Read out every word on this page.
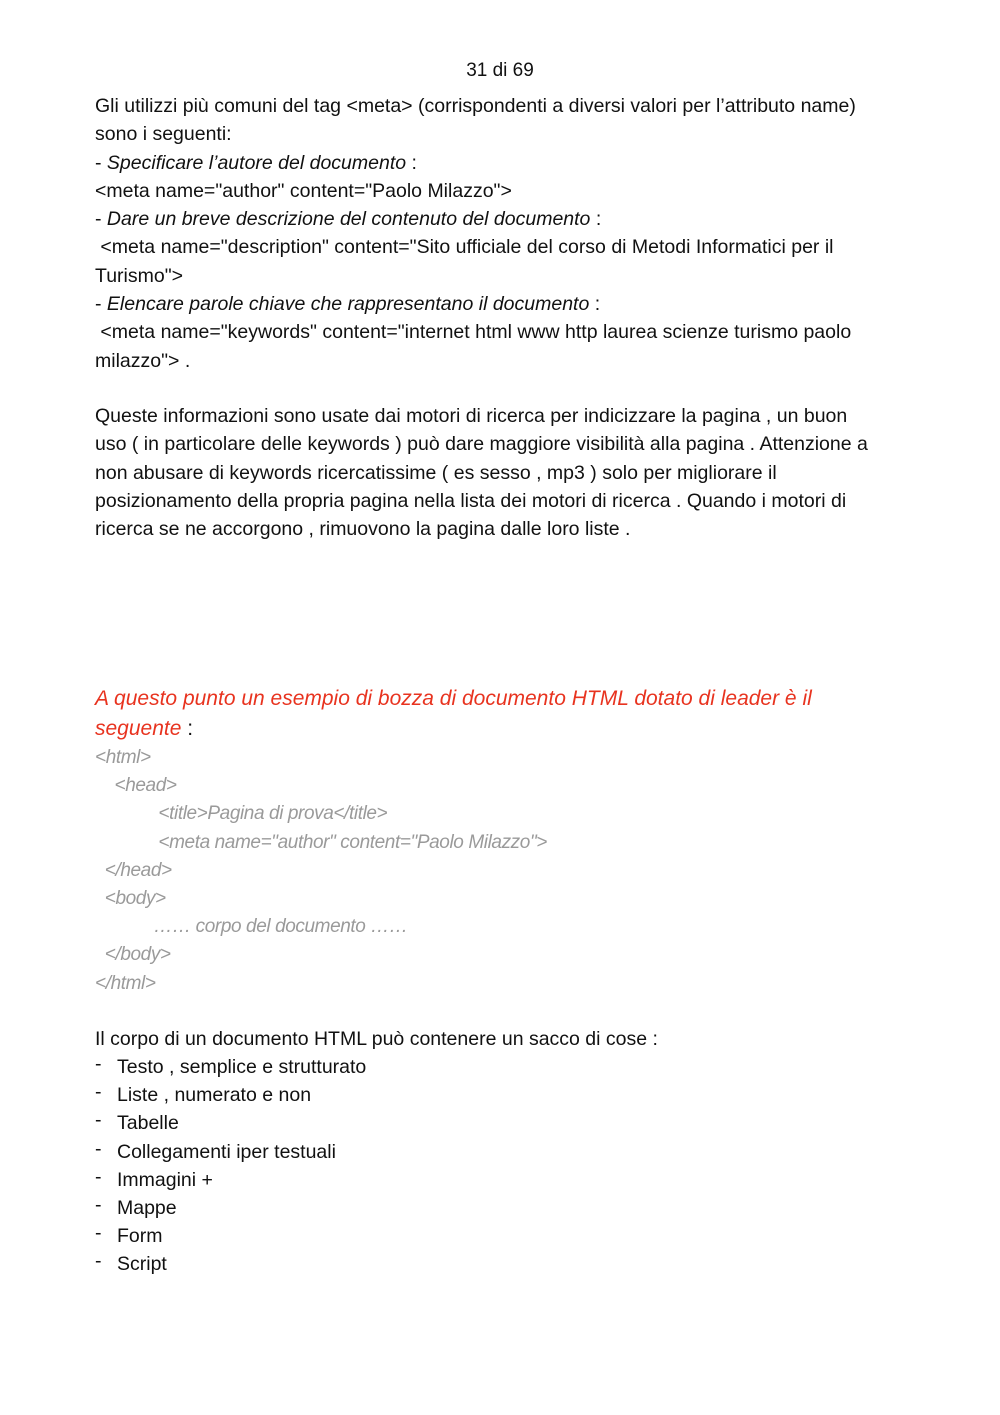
31 di 69
Gli utilizzi più comuni del tag <meta> (corrispondenti a diversi valori per l’attributo name)
sono i seguenti:
- Specificare l’autore del documento :
<meta name="author" content="Paolo Milazzo">
- Dare un breve descrizione del contenuto del documento :
<meta name="description" content="Sito ufficiale del corso di Metodi Informatici per il
Turismo">
- Elencare parole chiave che rappresentano il documento :
<meta name="keywords" content="internet html www http laurea scienze turismo paolo
milazzo"> .
Queste informazioni sono usate dai motori di ricerca per indicizzare la pagina , un buon
uso ( in particolare delle keywords ) può dare maggiore visibilità alla pagina . Attenzione a
non abusare di keywords ricercatissime ( es sesso , mp3 ) solo per migliorare il
posizionamento della propria pagina nella lista dei motori di ricerca . Quando i motori di
ricerca se ne accorgono , rimuovono la pagina dalle loro liste .
A questo punto un esempio di bozza di documento HTML dotato di leader è il
seguente :
<html>
<head>
<title>Pagina di prova</title>
<meta name="author" content="Paolo Milazzo">
</head>
<body>
…… corpo del documento ……
</body>
</html>
Il corpo di un documento HTML può contenere un sacco di cose :
- Testo , semplice e strutturato
- Liste , numerato e non
- Tabelle
- Collegamenti iper testuali
- Immagini +
- Mappe
- Form
- Script
